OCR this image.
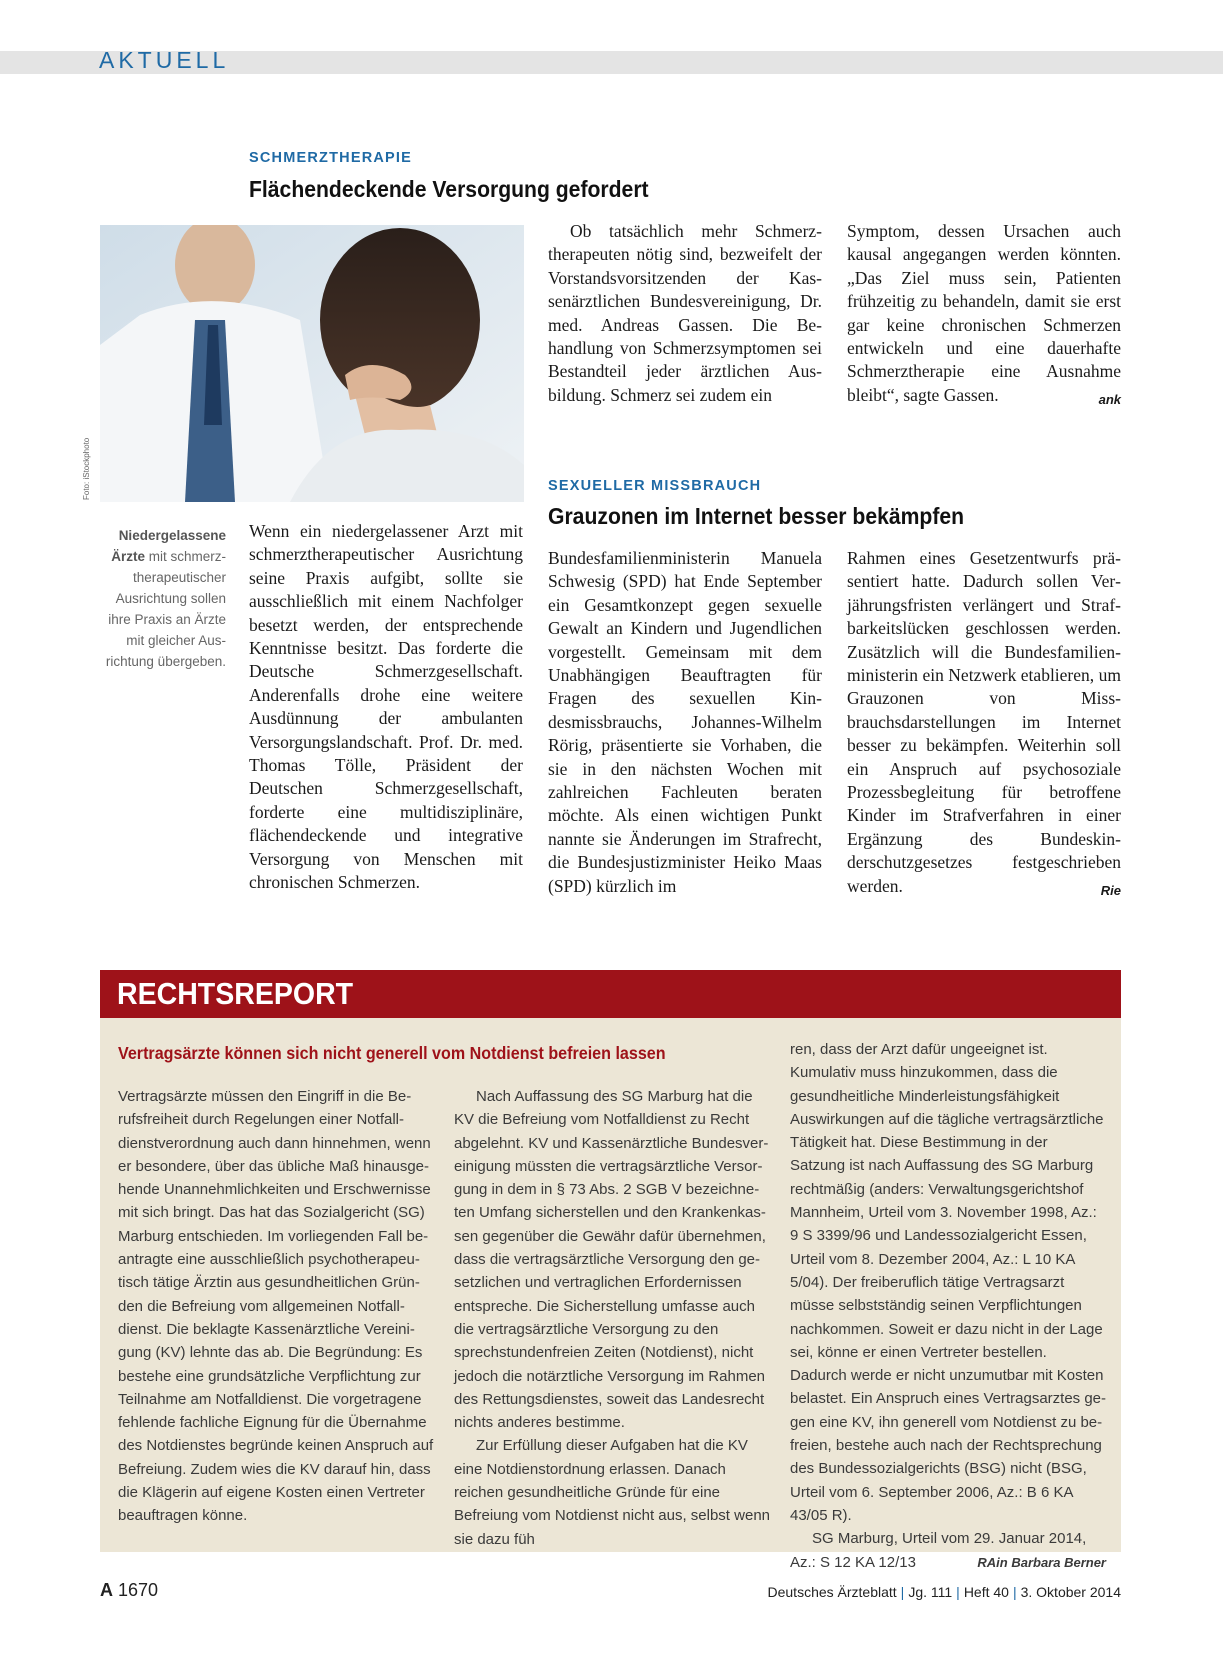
AKTUELL
SCHMERZTHERAPIE
Flächendeckende Versorgung gefordert
Foto: iStockphoto
Niedergelassene Ärzte mit schmerztherapeutischer Ausrichtung sollen ihre Praxis an Ärzte mit gleicher Ausrichtung übergeben.
Wenn ein niedergelassener Arzt mit schmerztherapeutischer Ausrichtung seine Praxis aufgibt, sollte sie ausschließlich mit einem Nachfolger besetzt werden, der entsprechende Kenntnisse besitzt. Das forderte die Deutsche Schmerzgesellschaft. Anderenfalls drohe eine weitere Ausdünnung der ambulanten Versorgungslandschaft. Prof. Dr. med. Thomas Tölle, Präsident der Deutschen Schmerzgesellschaft, forderte eine multidisziplinäre, flächendeckende und integrative Versorgung von Menschen mit chronischen Schmerzen.
Ob tatsächlich mehr Schmerztherapeuten nötig sind, bezweifelt der Vorstandsvorsitzenden der Kassenärztlichen Bundesvereinigung, Dr. med. Andreas Gassen. Die Behandlung von Schmerzsymptomen sei Bestandteil jeder ärztlichen Ausbildung. Schmerz sei zudem ein
Symptom, dessen Ursachen auch kausal angegangen werden könnten. „Das Ziel muss sein, Patienten frühzeitig zu behandeln, damit sie erst gar keine chronischen Schmerzen entwickeln und eine dauerhafte Schmerztherapie eine Ausnahme bleibt“, sagte Gassen.	ank
SEXUELLER MISSBRAUCH
Grauzonen im Internet besser bekämpfen
Bundesfamilienministerin Manuela Schwesig (SPD) hat Ende September ein Gesamtkonzept gegen sexuelle Gewalt an Kindern und Jugendlichen vorgestellt. Gemeinsam mit dem Unabhängigen Beauftragten für Fragen des sexuellen Kindesmissbrauchs, Johannes-Wilhelm Rörig, präsentierte sie Vorhaben, die sie in den nächsten Wochen mit zahlreichen Fachleuten beraten möchte. Als einen wichtigen Punkt nannte sie Änderungen im Strafrecht, die Bundesjustizminister Heiko Maas (SPD) kürzlich im
Rahmen eines Gesetzentwurfs präsentiert hatte. Dadurch sollen Verjährungsfristen verlängert und Strafbarkeitslücken geschlossen werden. Zusätzlich will die Bundesfamilienministerin ein Netzwerk etablieren, um Grauzonen von Missbrauchsdarstellungen im Internet besser zu bekämpfen. Weiterhin soll ein Anspruch auf psychosoziale Prozessbegleitung für betroffene Kinder im Strafverfahren in einer Ergänzung des Bundeskinderschutzgesetzes festgeschrieben werden.	Rie
RECHTSREPORT
Vertragsärzte können sich nicht generell vom Notdienst befreien lassen
Vertragsärzte müssen den Eingriff in die Berufsfreiheit durch Regelungen einer Notfalldienstverordnung auch dann hinnehmen, wenn er besondere, über das übliche Maß hinausgehende Unannehmlichkeiten und Erschwernisse mit sich bringt. Das hat das Sozialgericht (SG) Marburg entschieden. Im vorliegenden Fall beantragte eine ausschließlich psychotherapeutisch tätige Ärztin aus gesundheitlichen Gründen die Befreiung vom allgemeinen Notfalldienst. Die beklagte Kassenärztliche Vereinigung (KV) lehnte das ab. Die Begründung: Es bestehe eine grundsätzliche Verpflichtung zur Teilnahme am Notfalldienst. Die vorgetragene fehlende fachliche Eignung für die Übernahme des Notdienstes begründe keinen Anspruch auf Befreiung. Zudem wies die KV darauf hin, dass die Klägerin auf eigene Kosten einen Vertreter beauftragen könne.
Nach Auffassung des SG Marburg hat die KV die Befreiung vom Notfalldienst zu Recht abgelehnt. KV und Kassenärztliche Bundesvereinigung müssten die vertragsärztliche Versorgung in dem in § 73 Abs. 2 SGB V bezeichneten Umfang sicherstellen und den Krankenkassen gegenüber die Gewähr dafür übernehmen, dass die vertragsärztliche Versorgung den gesetzlichen und vertraglichen Erfordernissen entspreche. Die Sicherstellung umfasse auch die vertragsärztliche Versorgung zu den sprechstundenfreien Zeiten (Notdienst), nicht jedoch die notärztliche Versorgung im Rahmen des Rettungsdienstes, soweit das Landesrecht nichts anderes bestimme.
Zur Erfüllung dieser Aufgaben hat die KV eine Notdienstordnung erlassen. Danach reichen gesundheitliche Gründe für eine Befreiung vom Notdienst nicht aus, selbst wenn sie dazu füh
ren, dass der Arzt dafür ungeeignet ist. Kumulativ muss hinzukommen, dass die gesundheitliche Minderleistungsfähigkeit Auswirkungen auf die tägliche vertragsärztliche Tätigkeit hat. Diese Bestimmung in der Satzung ist nach Auffassung des SG Marburg rechtmäßig (anders: Verwaltungsgerichtshof Mannheim, Urteil vom 3. November 1998, Az.: 9 S 3399/96 und Landessozialgericht Essen, Urteil vom 8. Dezember 2004, Az.: L 10 KA 5/04). Der freiberuflich tätige Vertragsarzt müsse selbstständig seinen Verpflichtungen nachkommen. Soweit er dazu nicht in der Lage sei, könne er einen Vertreter bestellen. Dadurch werde er nicht unzumutbar mit Kosten belastet. Ein Anspruch eines Vertragsarztes gegen eine KV, ihn generell vom Notdienst zu befreien, bestehe auch nach der Rechtsprechung des Bundessozialgerichts (BSG) nicht (BSG, Urteil vom 6. September 2006, Az.: B 6 KA 43/05 R).
SG Marburg, Urteil vom 29. Januar 2014, Az.: S 12 KA 12/13	RAin Barbara Berner
A 1670	Deutsches Ärzteblatt | Jg. 111 | Heft 40 | 3. Oktober 2014
